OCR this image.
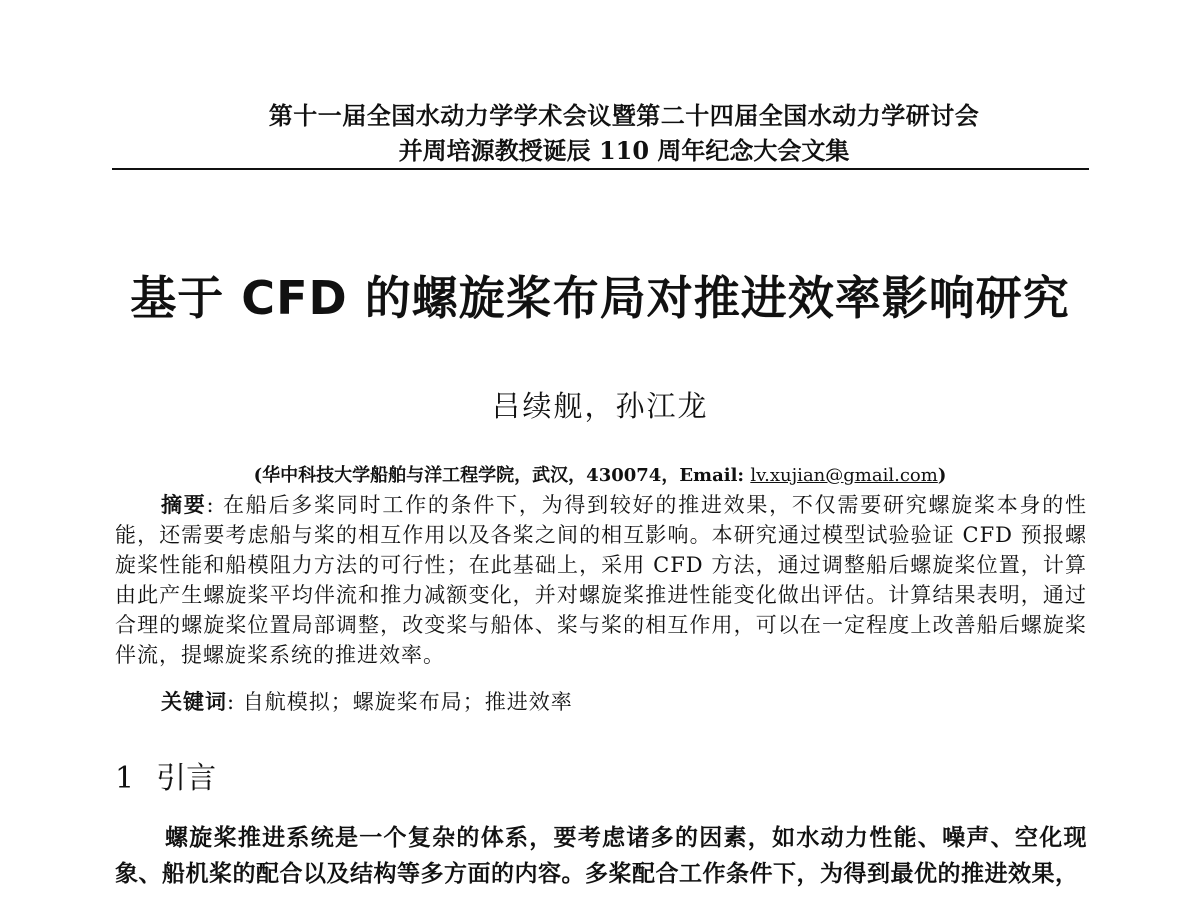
第十一届全国水动力学学术会议暨第二十四届全国水动力学研讨会
并周培源教授诞辰 110 周年纪念大会文集
基于 CFD 的螺旋桨布局对推进效率影响研究
吕续舰，孙江龙
(华中科技大学船舶与洋工程学院，武汉，430074，Email: lv.xujian@gmail.com)
摘要: 在船后多桨同时工作的条件下，为得到较好的推进效果，不仅需要研究螺旋桨本身的性能，还需要考虑船与桨的相互作用以及各桨之间的相互影响。本研究通过模型试验验证 CFD 预报螺旋桨性能和船模阻力方法的可行性；在此基础上，采用 CFD 方法，通过调整船后螺旋桨位置，计算由此产生螺旋桨平均伴流和推力减额变化，并对螺旋桨推进性能变化做出评估。计算结果表明，通过合理的螺旋桨位置局部调整，改变桨与船体、桨与桨的相互作用，可以在一定程度上改善船后螺旋桨伴流，提螺旋桨系统的推进效率。
关键词: 自航模拟；螺旋桨布局；推进效率
1 引言
螺旋桨推进系统是一个复杂的体系，要考虑诸多的因素，如水动力性能、噪声、空化现象、船机桨的配合以及结构等多方面的内容。多桨配合工作条件下，为得到最优的推进效果，
